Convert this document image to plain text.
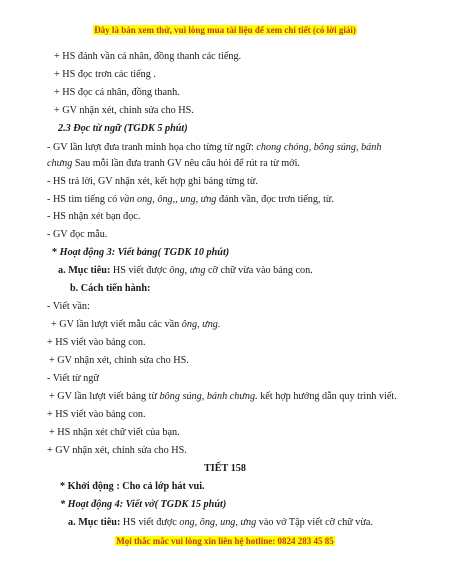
Đây là bản xem thử, vui lòng mua tài liệu để xem chi tiết (có lời giải)
+ HS đánh vần cá nhân, đồng thanh các tiếng.
+ HS đọc trơn các tiếng .
+ HS đọc cá nhân, đồng thanh.
+ GV nhận xét, chỉnh sửa cho HS.
2.3 Đọc từ ngữ (TGDK 5 phút)
- GV lần lượt đưa tranh minh họa cho từng từ ngữ: chong chóng, bông súng, bánh
chưng Sau mỗi lần đưa tranh GV nêu câu hỏi để rút ra từ mới.
- HS trả lời, GV nhận xét, kết hợp ghi bảng từng từ.
- HS tìm tiếng có vần ong, ông,, ung, ưng đánh vần, đọc trơn tiếng, từ.
- HS nhận xét bạn đọc.
- GV đọc mẫu.
* Hoạt động 3: Viết bảng( TGDK 10 phút)
a. Mục tiêu: HS viết được ông, ưng cỡ chữ vừa vào bảng con.
b. Cách tiến hành:
- Viết vần:
+ GV lần lượt viết mẫu các vần ông, ưng.
+ HS viết vào bảng con.
+ GV nhận xét, chỉnh sửa cho HS.
- Viết từ ngữ
+ GV lần lượt viết bảng từ bông súng, bánh chưng. kết hợp hướng dẫn quy trình viết.
+ HS viết vào bảng con.
+ HS nhận xét chữ viết của bạn.
+ GV nhận xét, chỉnh sửa cho HS.
TIẾT 158
* Khởi động : Cho cả lớp hát vui.
* Hoạt động 4: Viết vở( TGDK 15 phút)
a. Mục tiêu: HS viết được ong, ông, ung, ưng vào vở Tập viết cỡ chữ vừa.
Mọi thắc mắc vui lòng xin liên hệ hotline: 0824 283 45 85
